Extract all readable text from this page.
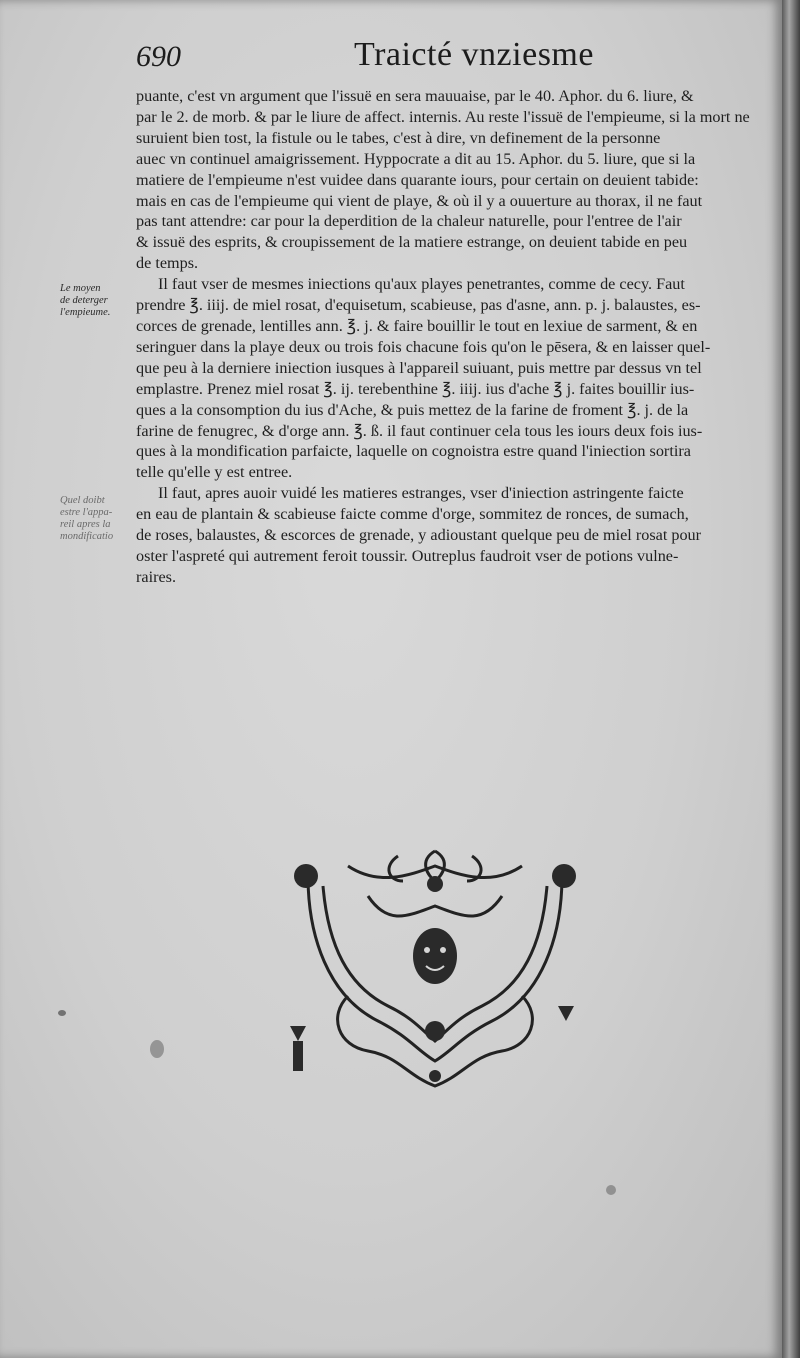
690	Traicté vnziesme

puante, c'est vn argument que l'issuë en sera mauuaise, par le 40. Aphor. du 6. liure, &
par le 2. de morb. & par le liure de affect. internis. Au reste l'issuë de l'empieume, si la mort ne
suruient bien tost, la fistule ou le tabes, c'est à dire, vn definement de la personne
auec vn continuel amaigrissement. Hyppocrate a dit au 15. Aphor. du 5. liure, que si la
matiere de l'empieume n'est vuidee dans quarante iours, pour certain on deuient tabide:
mais en cas de l'empieume qui vient de playe, & où il y a ouuerture au thorax, il ne faut
pas tant attendre: car pour la deperdition de la chaleur naturelle, pour l'entree de l'air
& issuë des esprits, & croupissement de la matiere estrange, on deuient tabide en peu
de temps.

Il faut vser de mesmes iniections qu'aux playes penetrantes, comme de cecy. Faut
prendre ℥. iiij. de miel rosat, d'equisetum, scabieuse, pas d'asne, ann. p. j. balaustes, es-
corces de grenade, lentilles ann. ℥. j. & faire bouillir le tout en lexiue de sarment, & en
seringuer dans la playe deux ou trois fois chacune fois qu'on le pēsera, & en laisser quel-
que peu à la derniere iniection iusques à l'appareil suiuant, puis mettre par dessus vn tel
emplastre. Prenez miel rosat ℥. ij. terebenthine ℥. iiij. ius d'ache ℥ j. faites bouillir ius-
ques a la consomption du ius d'Ache, & puis mettez de la farine de froment ℥. j. de la
farine de fenugrec, & d'orge ann. ℥. ß. il faut continuer cela tous les iours deux fois ius-
ques à la mondification parfaicte, laquelle on cognoistra estre quand l'iniection sortira
telle qu'elle y est entree.

Il faut, apres auoir vuidé les matieres estranges, vser d'iniection astringente faicte
en eau de plantain & scabieuse faicte comme d'orge, sommitez de ronces, de sumach,
de roses, balaustes, & escorces de grenade, y adioustant quelque peu de miel rosat pour
oster l'aspreté qui autrement feroit toussir. Outreplus faudroit vser de potions vulne-
raires.

Le moyen
de deterger
l'empieume.
Quel doibt
estre l'appa-
reil apres la
mondificatio
